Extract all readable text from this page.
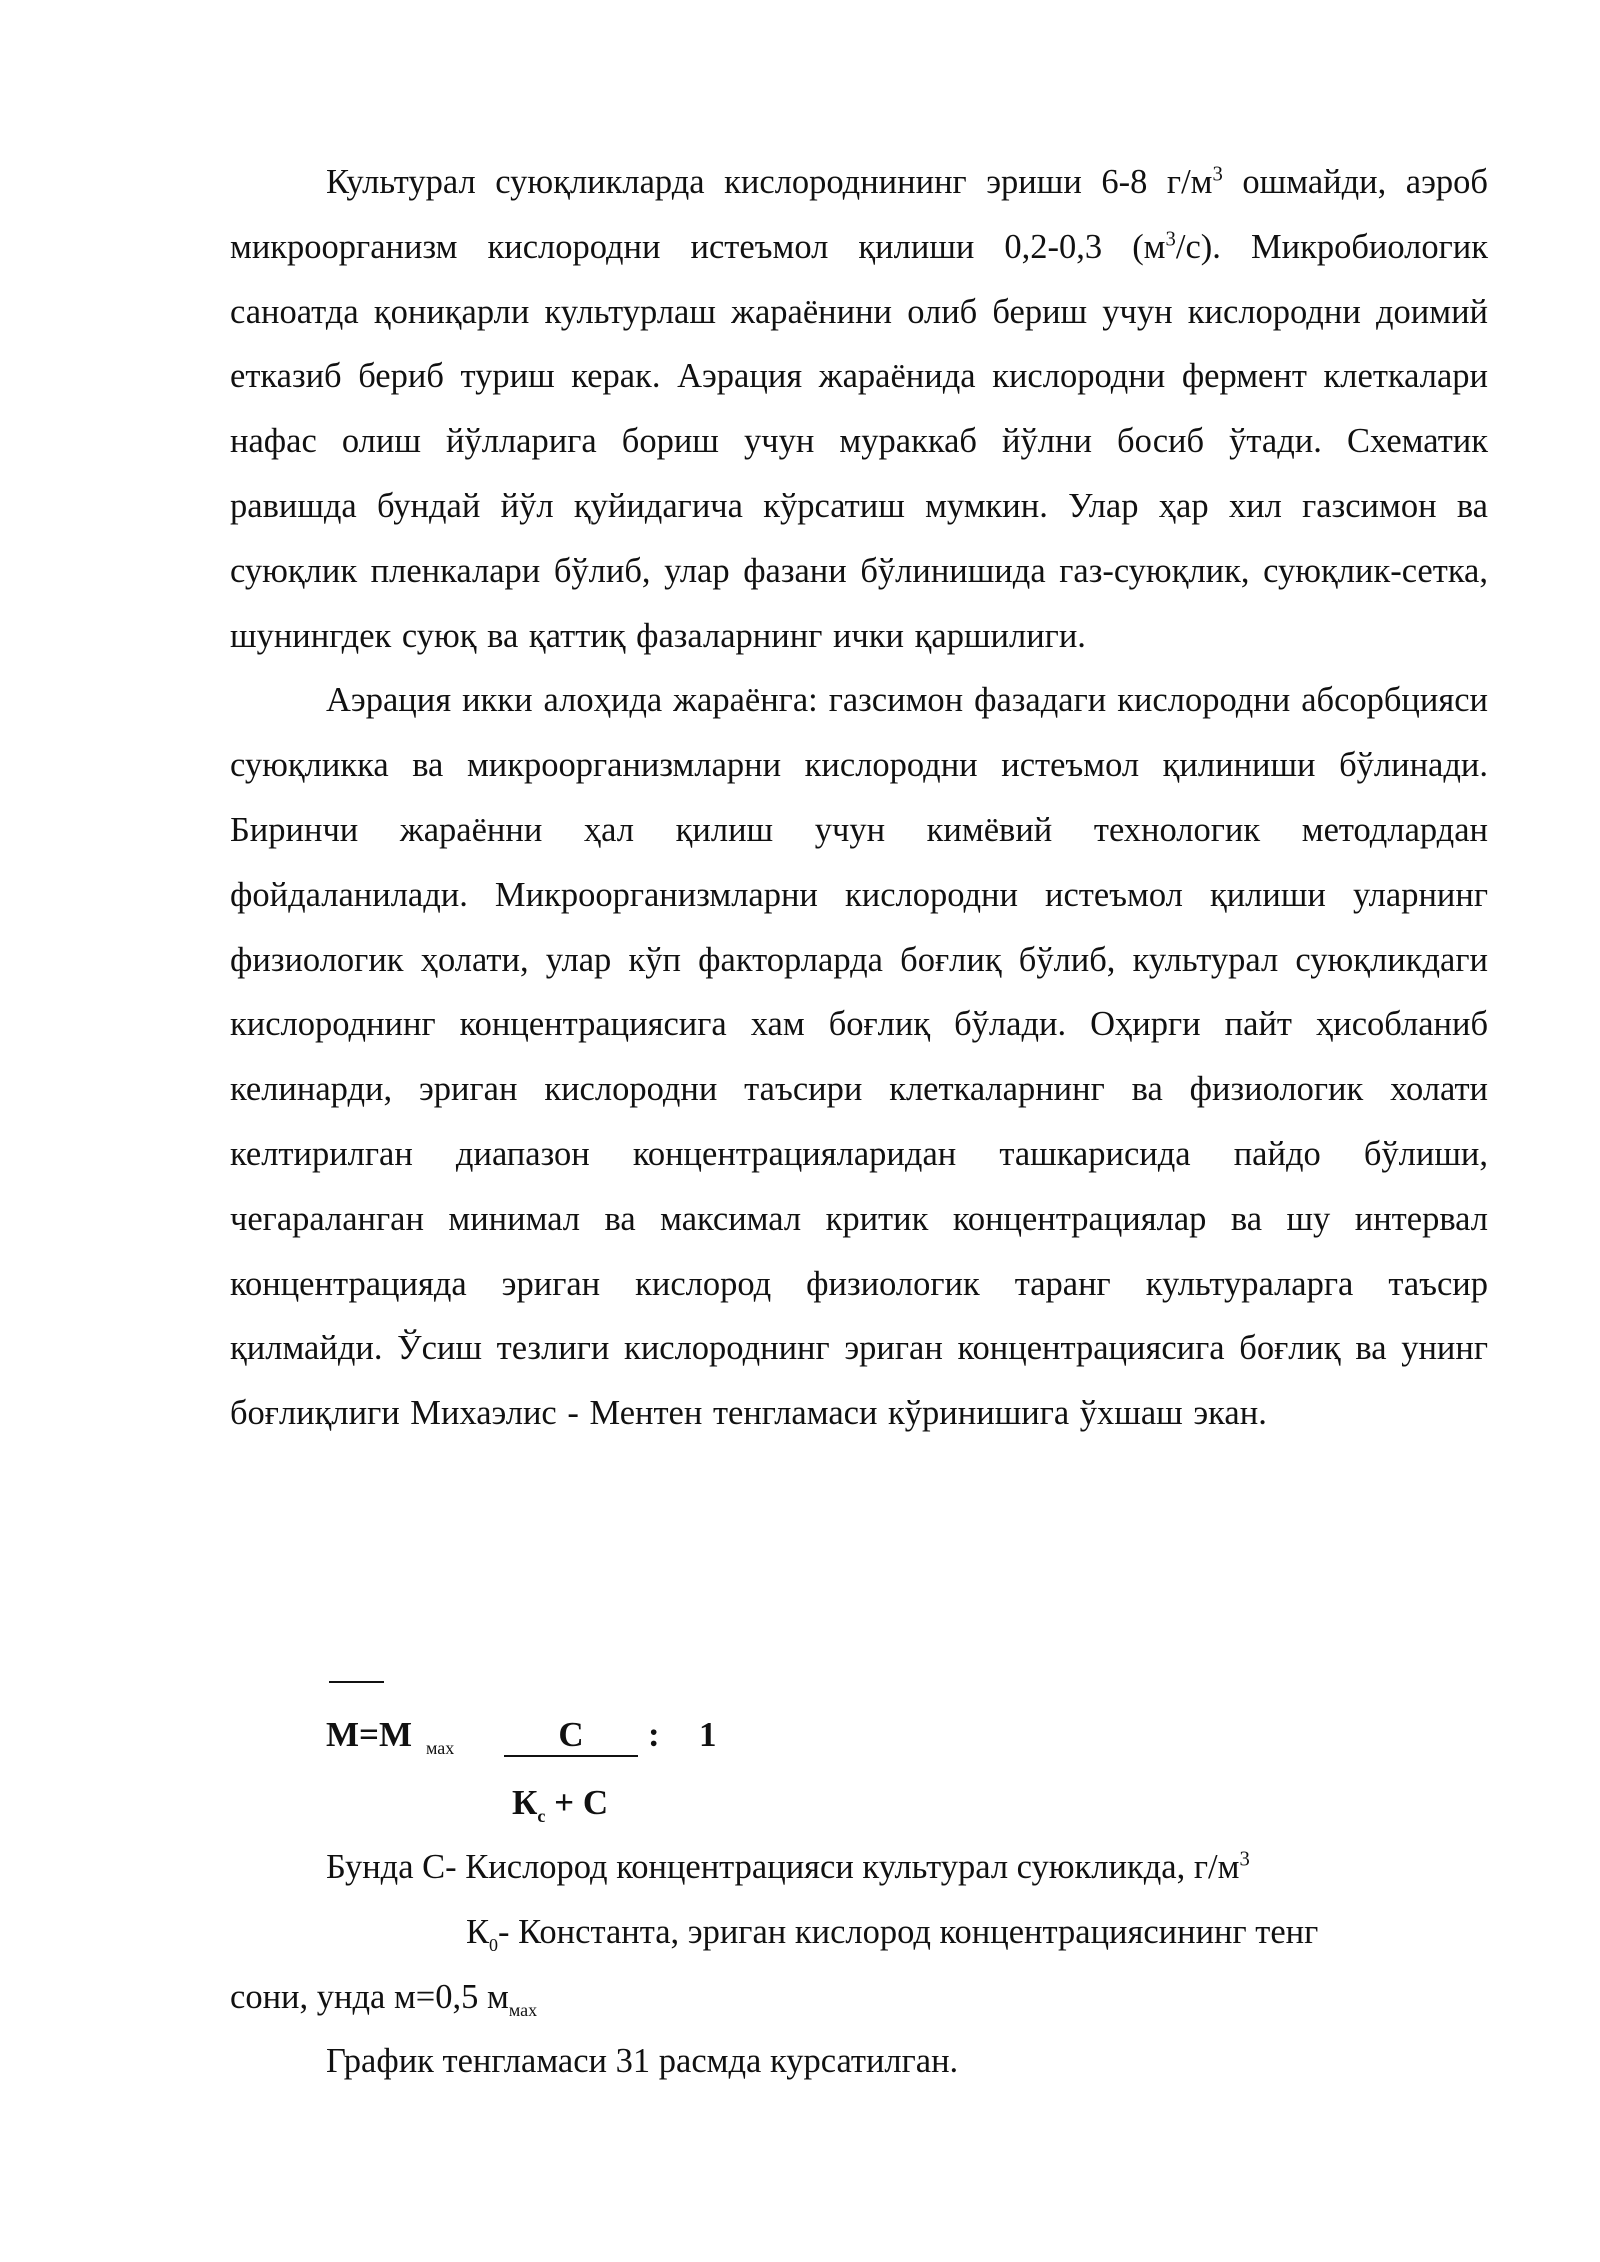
Культурал суюқликларда кислороднининг эриши 6-8 $г/м^3$ ошмайди, аэроб микроорганизм кислородни истеъмол қилиши 0,2-0,3 $(м^3/с)$. Микробиологик саноатда қониқарли культурлаш жараёнини олиб бериш учун кислородни доимий етказиб бериб туриш керак. Аэрация жараёнида кислородни фермент клеткалари нафас олиш йўлларига бориш учун мураккаб йўлни босиб ўтади. Схематик равишда бундай йўл қуйидагича кўрсатиш мумкин. Улар ҳар хил газсимон ва суюқлик пленкалари бўлиб, улар фазани бўлинишида газ-суюқлик, суюқлик-сетка, шунингдек суюқ ва қаттиқ фазаларнинг ички қаршилиги.

Аэрация икки алоҳида жараёнга: газсимон фазадаги кислородни абсорбцияси суюқликка ва микроорганизмларни кислородни истеъмол қилиниши бўлинади. Биринчи жараённи ҳал қилиш учун кимёвий технологик методлардан фойдаланилади. Микроорганизмларни кислородни истеъмол қилиши уларнинг физиологик ҳолати, улар кўп факторларда боғлиқ бўлиб, культурал суюқликдаги кислороднинг концентрациясига хам боғлиқ бўлади. Оҳирги пайт ҳисобланиб келинарди, эриган кислородни таъсири клеткаларнинг ва физиологик холати келтирилган диапазон концентрацияларидан ташкарисида пайдо бўлиши, чегараланган минимал ва максимал критик концентрациялар ва шу интервал концентрацияда эриган кислород физиологик таранг культураларга таъсир қилмайди. Ўсиш тезлиги кислороднинг эриган концентрациясига боғлиқ ва унинг боғлиқлиги Михаэлис - Ментен тенгламаси кўринишига ўхшаш экан.

M=M $_{мах}$	C	: 1
$К_с + С$
Бунда С- Кислород концентрацияси культурал суюкликда, $г/м^3$
$К_0-$ Константа, эриган кислород концентрациясининг тенг
сони, унда м=0,5 $м_{мах}$
График тенгламаси 31 расмда курсатилган.
